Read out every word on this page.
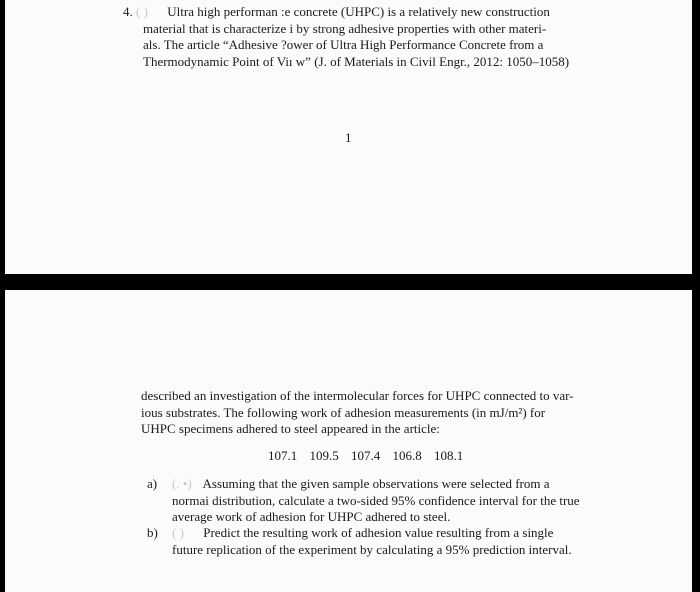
4. ( ) Ultra high performan :e concrete (UHPC) is a relatively new construction
material that is characterize i by strong adhesive properties with other materi-
als. The article “Adhesive ?ower of Ultra High Performance Concrete from a
Thermodynamic Point of Viı w” (J. of Materials in Civil Engr., 2012: 1050–1058)
1
described an investigation of the intermolecular forces for UHPC connected to var-
ious substrates. The following work of adhesion measurements (in mJ/m²) for
UHPC specimens adhered to steel appeared in the article:
107.1 109.5 107.4 106.8 108.1
a) (. •) Assuming that the given sample observations were selected from a
normai distribution, calculate a two-sided 95% confidence interval for the true
average work of adhesion for UHPC adhered to steel.
b) ( ) Predict the resulting work of adhesion value resulting from a single
future replication of the experiment by calculating a 95% prediction interval.
